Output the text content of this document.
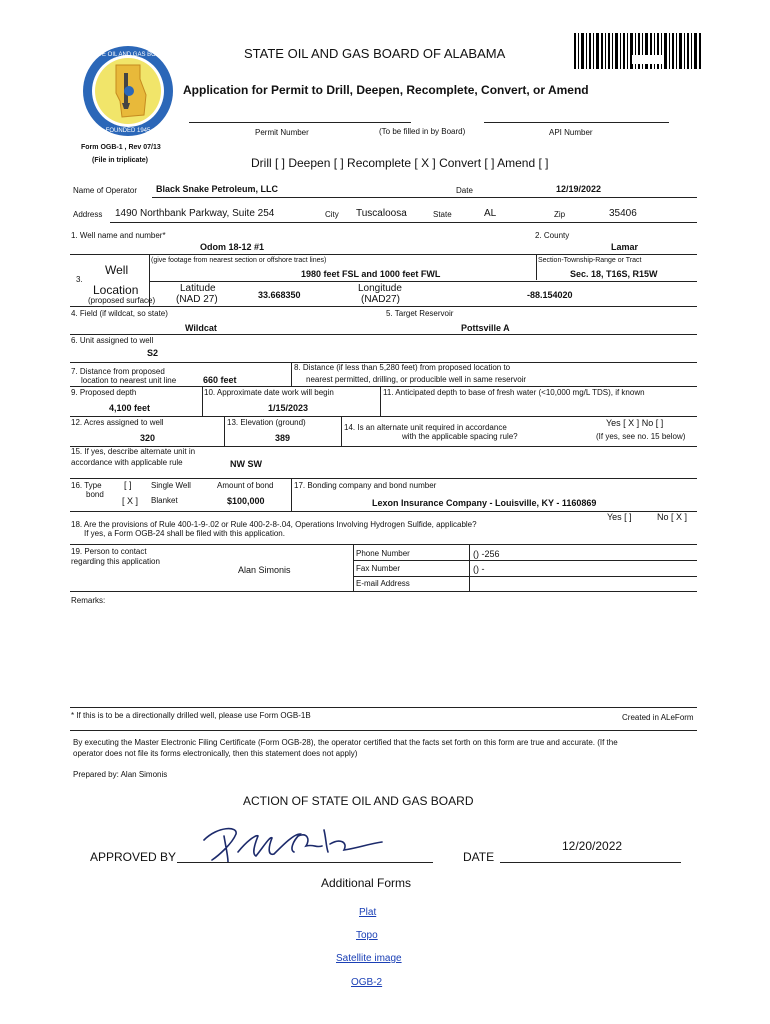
STATE OIL AND GAS BOARD
FOUNDED 1945
STATE OIL AND GAS BOARD OF ALABAMA
Application for Permit to Drill, Deepen, Recomplete, Convert, or Amend
Permit Number	(To be filled in by Board)	API Number
Form OGB-1 , Rev 07/13
(File in triplicate)	Drill [ ] Deepen [ ] Recomplete [ X ] Convert [ ] Amend [ ]
Name of Operator Black Snake Petroleum, LLC	Date	12/19/2022
Address 1490 Northbank Parkway, Suite 254	City Tuscaloosa	State	AL	Zip	35406
1. Well name and number*	2. County
Odom 18-12 #1	Lamar
(give footage from nearest section or offshore tract lines)	Section-Township-Range or Tract
1980 feet FSL and 1000 feet FWL	Sec. 18, T16S, R15W
3.
Well
Location
(proposed surface)
Latitude
(NAD 27)	33.668350
Longitude
(NAD27)	-88.154020
4. Field (if wildcat, so state)	5. Target Reservoir
Wildcat	Pottsville A
6. Unit assigned to well
S2
7. Distance from proposed
location to nearest unit line	660 feet
8. Distance (if less than 5,280 feet) from proposed location to
nearest permitted, drilling, or producible well in same reservoir
9. Proposed depth	10. Approximate date work will begin	11. Anticipated depth to base of fresh water (<10,000 mg/L TDS), if known
4,100 feet	1/15/2023
12. Acres assigned to well	13. Elevation (ground)
14. Is an alternate unit required in accordance
with the applicable spacing rule?
Yes [ X ] No [ ]
(If yes, see no. 15 below)
320	389
15. If yes, describe alternate unit in
accordance with applicable rule	NW SW
16. Type
bond
[ ] Single Well
[ X ] Blanket
Amount of bond
$100,000
17. Bonding company and bond number
Lexon Insurance Company - Louisville, KY - 1160869
Yes [ ]	No [ X ]
18. Are the provisions of Rule 400-1-9-.02 or Rule 400-2-8-.04, Operations Involving Hydrogen Sulfide, applicable?
If yes, a Form OGB-24 shall be filed with this application.
19. Person to contact
regarding this application
Alan Simonis
Phone Number	() -256
Fax Number	() -
E-mail Address
Remarks:
* If this is to be a directionally drilled well, please use Form OGB-1B	Created in ALeForm
By executing the Master Electronic Filing Certificate (Form OGB-28), the operator certified that the facts set forth on this form are true and accurate. (If the
operator does not file its forms electronically, then this statement does not apply)
Prepared by: Alan Simonis
ACTION OF STATE OIL AND GAS BOARD
APPROVED BY	DATE
12/20/2022
Additional Forms
Plat
Topo
Satellite image
OGB-2
